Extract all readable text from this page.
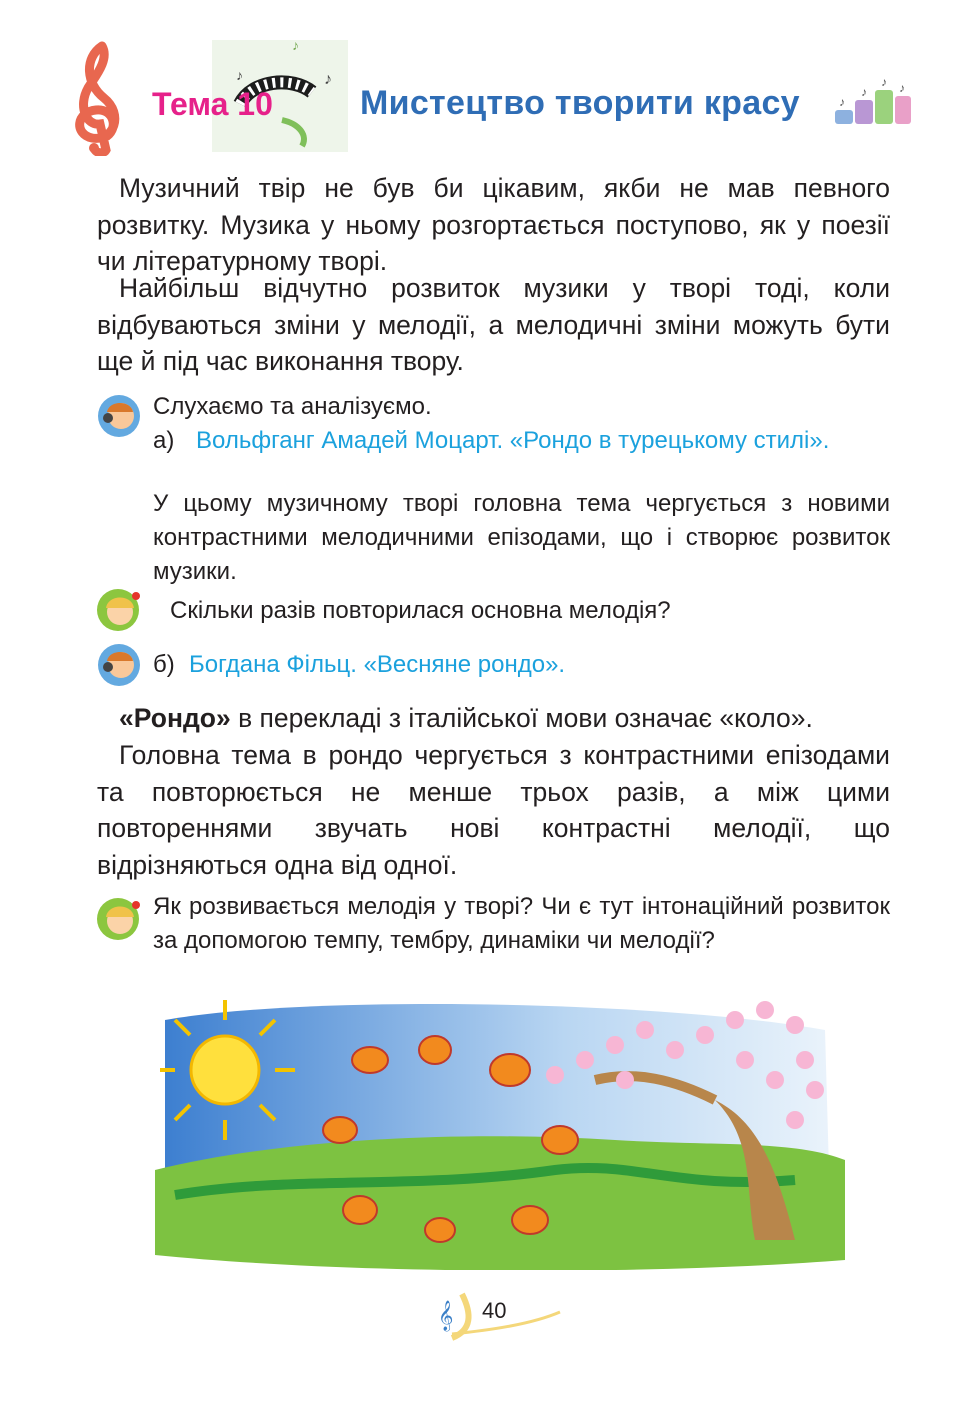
♪
♪
♪
Тема 10	Мистецтво творити красу	♪
♪
♪ ♪
Музичний твір не був би цікавим, якби не мав певного розвитку. Музика у ньому розгортається поступово, як у поезії чи літературному творі.
Найбільш відчутно розвиток музики у творі тоді, коли відбуваються зміни у мелодії, а мелодичні зміни можуть бути ще й під час виконання твору.
Слухаємо та аналізуємо.
а) Вольфганг Амадей Моцарт. «Рондо в турецькому стилі».
У цьому музичному творі головна тема чергується з новими контрастними мелодичними епізодами, що і створює розвиток музики.
Скільки разів повторилася основна мелодія?
б) Богдана Фільц. «Весняне рондо».
«Рондо» в перекладі з італійської мови означає «коло».
Головна тема в рондо чергується з контрастними епізодами та повторюється не менше трьох разів, а між цими повтореннями звучать нові контрастні мелодії, що відрізняються одна від одної.
Як розвивається мелодія у творі? Чи є тут інтонаційний розвиток за допомогою темпу, тембру, динаміки чи мелодії?
𝄞 40
